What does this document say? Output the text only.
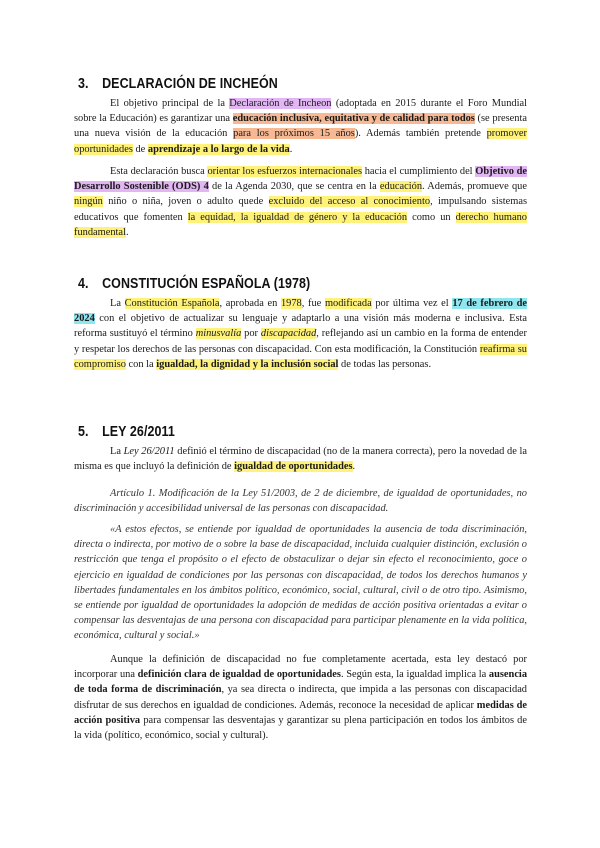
3. DECLARACIÓN DE INCHEÓN

El objetivo principal de la Declaración de Incheon (adoptada en 2015 durante el Foro Mundial sobre la Educación) es garantizar una educación inclusiva, equitativa y de calidad para todos (se presenta una nueva visión de la educación para los próximos 15 años). Además también pretende promover oportunidades de aprendizaje a lo largo de la vida.

Esta declaración busca orientar los esfuerzos internacionales hacia el cumplimiento del Objetivo de Desarrollo Sostenible (ODS) 4 de la Agenda 2030, que se centra en la educación. Además, promueve que ningún niño o niña, joven o adulto quede excluido del acceso al conocimiento, impulsando sistemas educativos que fomenten la equidad, la igualdad de género y la educación como un derecho humano fundamental.

4. CONSTITUCIÓN ESPAÑOLA (1978)

La Constitución Española, aprobada en 1978, fue modificada por última vez el 17 de febrero de 2024 con el objetivo de actualizar su lenguaje y adaptarlo a una visión más moderna e inclusiva. Esta reforma sustituyó el término minusvalía por discapacidad, reflejando así un cambio en la forma de entender y respetar los derechos de las personas con discapacidad. Con esta modificación, la Constitución reafirma su compromiso con la igualdad, la dignidad y la inclusión social de todas las personas.

5. LEY 26/2011

La Ley 26/2011 definió el término de discapacidad (no de la manera correcta), pero la novedad de la misma es que incluyó la definición de igualdad de oportunidades.

Artículo 1. Modificación de la Ley 51/2003, de 2 de diciembre, de igualdad de oportunidades, no discriminación y accesibilidad universal de las personas con discapacidad.

«A estos efectos, se entiende por igualdad de oportunidades la ausencia de toda discriminación, directa o indirecta, por motivo de o sobre la base de discapacidad, incluida cualquier distinción, exclusión o restricción que tenga el propósito o el efecto de obstaculizar o dejar sin efecto el reconocimiento, goce o ejercicio en igualdad de condiciones por las personas con discapacidad, de todos los derechos humanos y libertades fundamentales en los ámbitos político, económico, social, cultural, civil o de otro tipo. Asimismo, se entiende por igualdad de oportunidades la adopción de medidas de acción positiva orientadas a evitar o compensar las desventajas de una persona con discapacidad para participar plenamente en la vida política, económica, cultural y social.»

Aunque la definición de discapacidad no fue completamente acertada, esta ley destacó por incorporar una definición clara de igualdad de oportunidades. Según esta, la igualdad implica la ausencia de toda forma de discriminación, ya sea directa o indirecta, que impida a las personas con discapacidad disfrutar de sus derechos en igualdad de condiciones. Además, reconoce la necesidad de aplicar medidas de acción positiva para compensar las desventajas y garantizar su plena participación en todos los ámbitos de la vida (político, económico, social y cultural).
